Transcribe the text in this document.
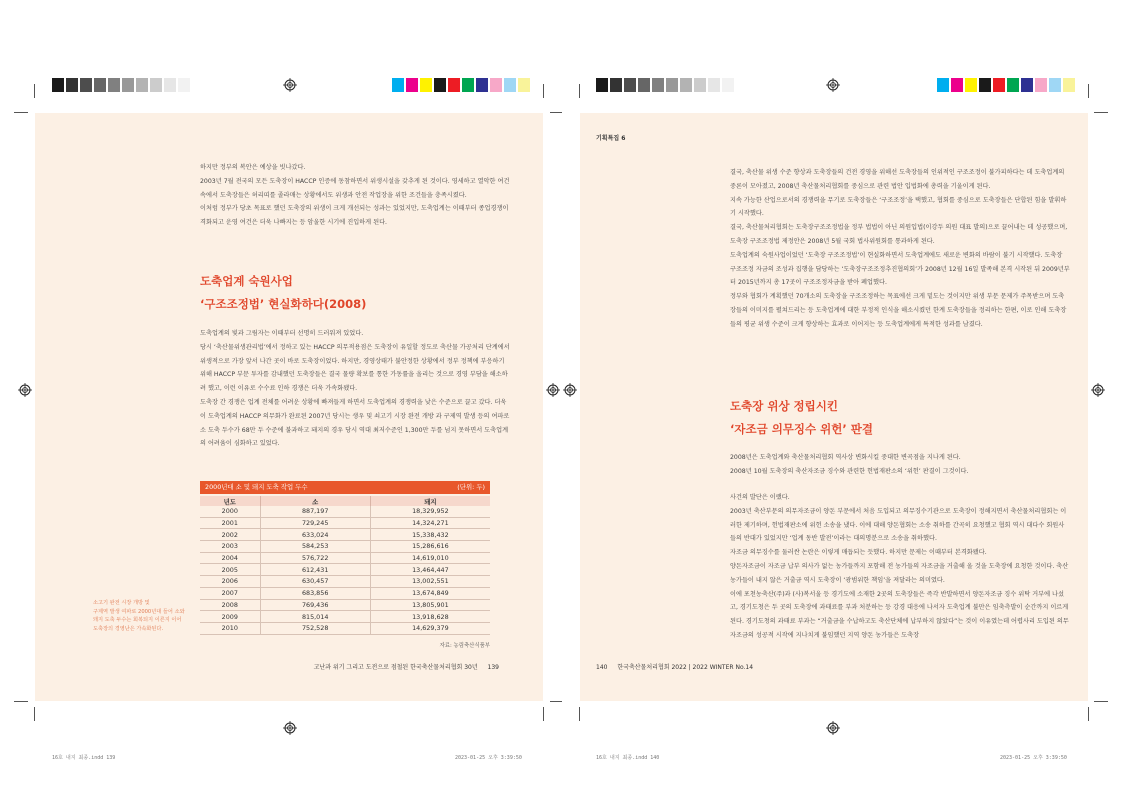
16호 내지 최종.indd 139	2023-01-25 오후 3:39:50	16호 내지 최종.indd 140	2023-01-25 오후 3:39:50

하지만 정부의 복안은 예상을 빗나갔다.

2003년 7월 전국의 모든 도축장이 HACCP 인증에 동참하면서 위생시설을 갖추게 된 것이다. 영세하고 열악한 여건 속에서 도축장들은 허리띠를 졸라매는 상황에서도 위생과 안전 작업장을 위한 조건들을 충족시켰다.

이처럼 정부가 당초 목표로 했던 도축장의 위생이 크게 개선되는 성과는 있었지만, 도축업계는 이때부터 종업경쟁이 격화되고 운영 여건은 더욱 나빠지는 등 암울한 시기에 진입하게 된다.

도축업계 숙원사업
‘구조조정법’ 현실화하다(2008)

도축업계의 빛과 그림자는 이때부터 선명히 드러워져 있었다.

당시 ‘축산물위생관리법’에서 정하고 있는 HACCP 의무적용점은 도축장이 유일할 정도로 축산물 가공처리 단계에서 위생적으로 가장 앞서 나간 곳이 바로 도축장이었다. 하지만, 경영상태가 불안정한 상황에서 정부 정책에 부응하기 위해 HACCP 부문 투자를 감내했던 도축장들은 결국 물량 확보를 통한 가동률을 올리는 것으로 경영 부담을 해소하려 했고, 이런 이유로 수수료 인하 경쟁은 더욱 가속화됐다.

도축장 간 경쟁은 업계 전체를 어려운 상황에 빠져들게 하면서 도축업계의 경쟁력을 낮은 수준으로 끌고 갔다. 더욱이 도축업계의 HACCP 의무화가 완료된 2007년 당시는 생우 및 쇠고기 시장 완전 개방 과 구제역 발생 등의 여파로 소 도축 두수가 68만 두 수준에 불과하고 돼지의 경우 당시 역대 최저수준인 1,300만 두를 넘지 못하면서 도축업계의 어려움이 심화하고 있었다.

2000년대 소 및 돼지 도축 작업 두수	(단위: 두)
년도	소	돼지
2000	887,197	18,329,952
2001	729,245	14,324,271
2002	633,024	15,338,432
2003	584,253	15,286,616
2004	576,722	14,619,010
2005	612,431	13,464,447
2006	630,457	13,002,551
2007	683,856	13,674,849
2008	769,436	13,805,901
2009	815,014	13,918,628
2010	752,528	14,629,379
자료: 농림축산식품부
소고기 완전 시장 개방 및
구제역 발생 여파로 2000년대 들어 소와
돼지 도축 두수는 회복되지 이른지 이어
도축장의 경영난은 가속화된다.
고난과 위기 그리고 도전으로 점철된 한국축산물처리협회 30년 139
기획특집 6

결국, 축산물 위생 수준 향상과 도축장들의 건전 경영을 위해선 도축장들의 인위적인 구조조정이 불가피하다는 데 도축업계의 중론이 모아졌고, 2008년 축산물처리협회를 중심으로 관련 법안 입법화에 총력을 기울이게 된다.

지속 가능한 산업으로서의 경쟁력을 무기로 도축장들은 ‘구조조정’을 택했고, 협회를 중심으로 도축장들은 단합된 힘을 발휘하기 시작했다.

결국, 축산물처리협회는 도축장구조조정법을 정부 법법이 아닌 의원입법(이강두 의원 대표 발의)으로 끌어내는 데 성공했으며, 도축장 구조조정법 제정안은 2008년 5월 국회 법사위원회를 통과하게 된다.

도축업계의 숙원사업이었던 ‘도축장 구조조정법’이 현실화하면서 도축업계에도 새로운 변화의 바람이 불기 시작했다. 도축장 구조조정 자금의 조성과 집행을 담당하는 ‘도축장구조조정추진협의회’가 2008년 12월 16일 발족해 본격 시작된 뒤 2009년부터 2015년까지 총 17곳이 구조조정자금을 받아 폐업했다.

정부와 협회가 계획했던 70개소의 도축장을 구조조정하는 목표에선 크게 밑도는 것이지만 위생 부문 문제가 주목받으며 도축장들의 이미지를 펼쳐드리는 등 도축업계에 대한 부정적 인식을 해소시켰던 한계 도축장들을 정리하는 한편, 이로 인해 도축장들의 평균 위생 수준이 크게 향상하는 효과로 이어지는 등 도축업계에게 특적한 성과를 남겼다.

도축장 위상 정립시킨
‘자조금 의무징수 위헌’ 판결

2008년은 도축업계와 축산물처리협회 역사상 변화시킬 중대한 변곡점을 지나게 된다.

2008년 10월 도축장의 축산자조금 징수와 관련한 헌법재판소의 ‘위헌’ 판결이 그것이다.

사건의 발단은 이랬다.

2003년 축산부문의 의무자조금이 양돈 부문에서 처음 도입되고 의무징수기관으로 도축장이 정해지면서 축산물처리협회는 이러한 제기하며, 헌법재판소에 위헌 소송을 냈다. 이에 대해 양돈협회는 소송 취하를 간곡히 요청했고 협회 역시 대다수 회원사들의 반대가 있었지만 ‘업계 동반 발전’이라는 대의명분으로 소송을 취하했다.

자조금 의무징수를 둘러싼 논란은 이렇게 매듭되는 듯했다. 하지만 문제는 이때부터 본격화됐다.

양돈자조금이 자조금 납부 의사가 없는 농가들까지 포함해 전 농가들의 자조금을 거출해 올 것을 도축장에 요청한 것이다. 축산농가들이 내지 않은 거출금 역시 도축장이 ‘광범위한 책임’을 져달라는 의미였다.

이에 포천농축산(주)과 (사)복서울 등 경기도에 소재한 2곳의 도축장들은 즉각 반발하면서 양돈자조금 징수 위탁 거부에 나섰고, 경기도청은 두 곳의 도축장에 과태료를 부과 처분하는 등 강경 대응에 나서자 도축업계 불만은 임축측발이 순간까지 이르게 된다. 경기도청의 과태료 부과는 “거출금을 수납하고도 축산단체에 납부하지 않았다”는 것이 이유였는데 어렵사리 도입된 의무자조금의 성공적 시작에 지나치게 불임했던 지역 양돈 농가들은 도축장

140 한국축산물처리협회 2022 | 2022 WINTER No.14
